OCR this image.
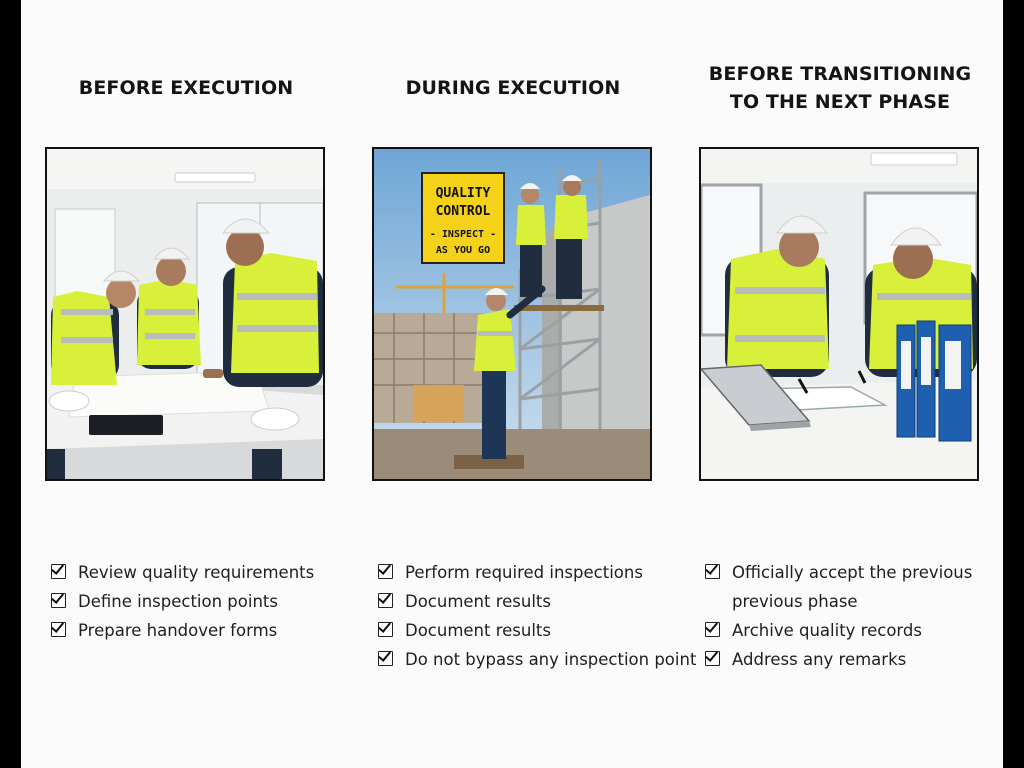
BEFORE EXECUTION
Review quality requirements
Define inspection points
Prepare handover forms
DURING EXECUTION
QUALITY
CONTROL
- INSPECT -
AS YOU GO
Perform required inspections
Document results
Document results
Do not bypass any inspection point
BEFORE TRANSITIONING
TO THE NEXT PHASE
Officially accept the previous
previous phase
Archive quality records
Address any remarks
